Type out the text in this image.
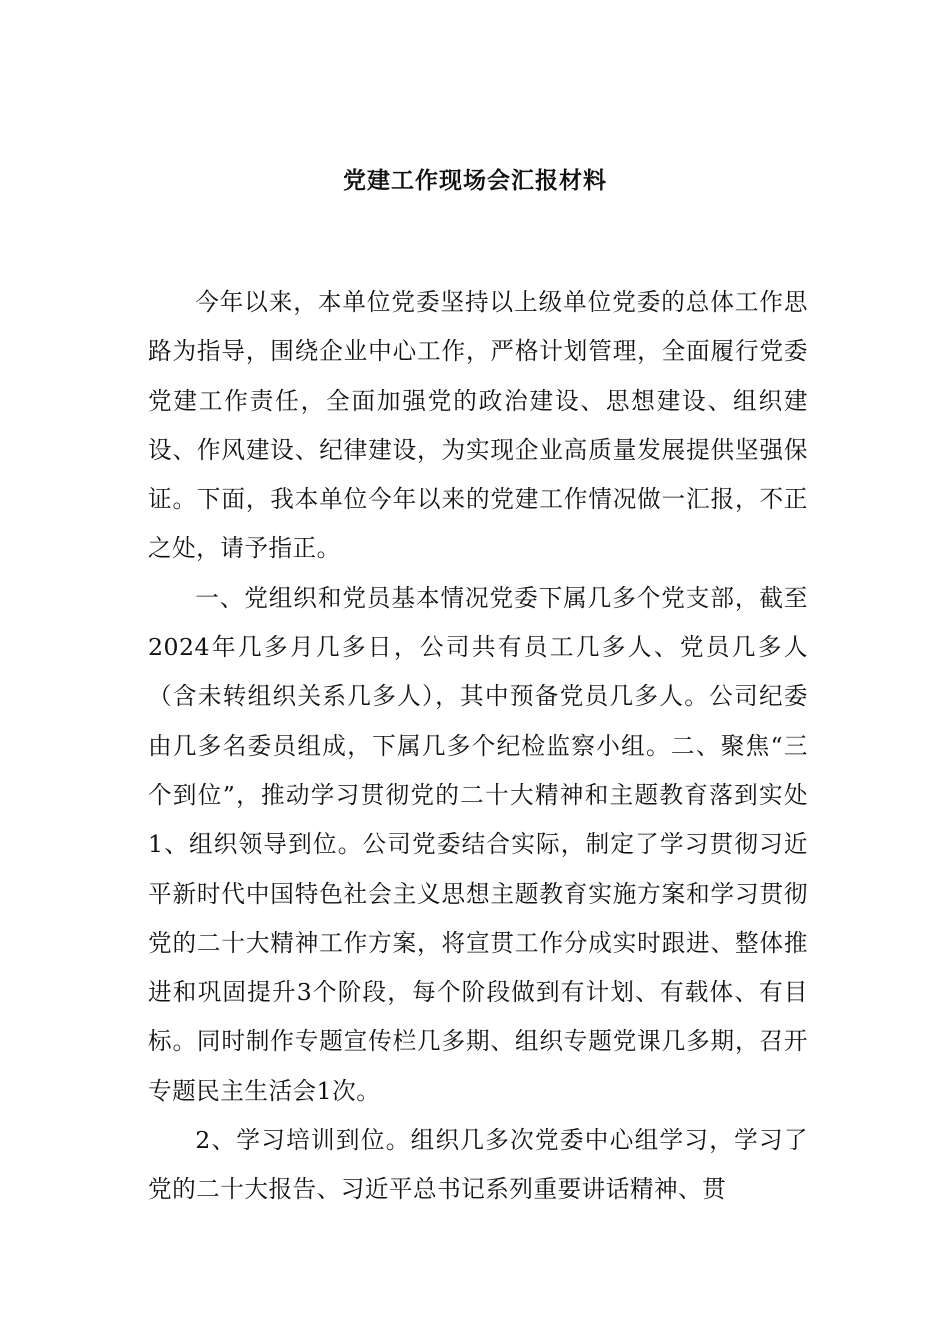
党建工作现场会汇报材料

今年以来，本单位党委坚持以上级单位党委的总体工作思路为指导，围绕企业中心工作，严格计划管理，全面履行党委党建工作责任，全面加强党的政治建设、思想建设、组织建设、作风建设、纪律建设，为实现企业高质量发展提供坚强保证。下面，我本单位今年以来的党建工作情况做一汇报，不正之处，请予指正。

一、党组织和党员基本情况党委下属几多个党支部，截至2024年几多月几多日，公司共有员工几多人、党员几多人（含未转组织关系几多人），其中预备党员几多人。公司纪委由几多名委员组成，下属几多个纪检监察小组。二、聚焦“三个到位”，推动学习贯彻党的二十大精神和主题教育落到实处1、组织领导到位。公司党委结合实际，制定了学习贯彻习近平新时代中国特色社会主义思想主题教育实施方案和学习贯彻党的二十大精神工作方案，将宣贯工作分成实时跟进、整体推进和巩固提升3个阶段，每个阶段做到有计划、有载体、有目标。同时制作专题宣传栏几多期、组织专题党课几多期，召开专题民主生活会1次。

2、学习培训到位。组织几多次党委中心组学习，学习了党的二十大报告、习近平总书记系列重要讲话精神、贯
